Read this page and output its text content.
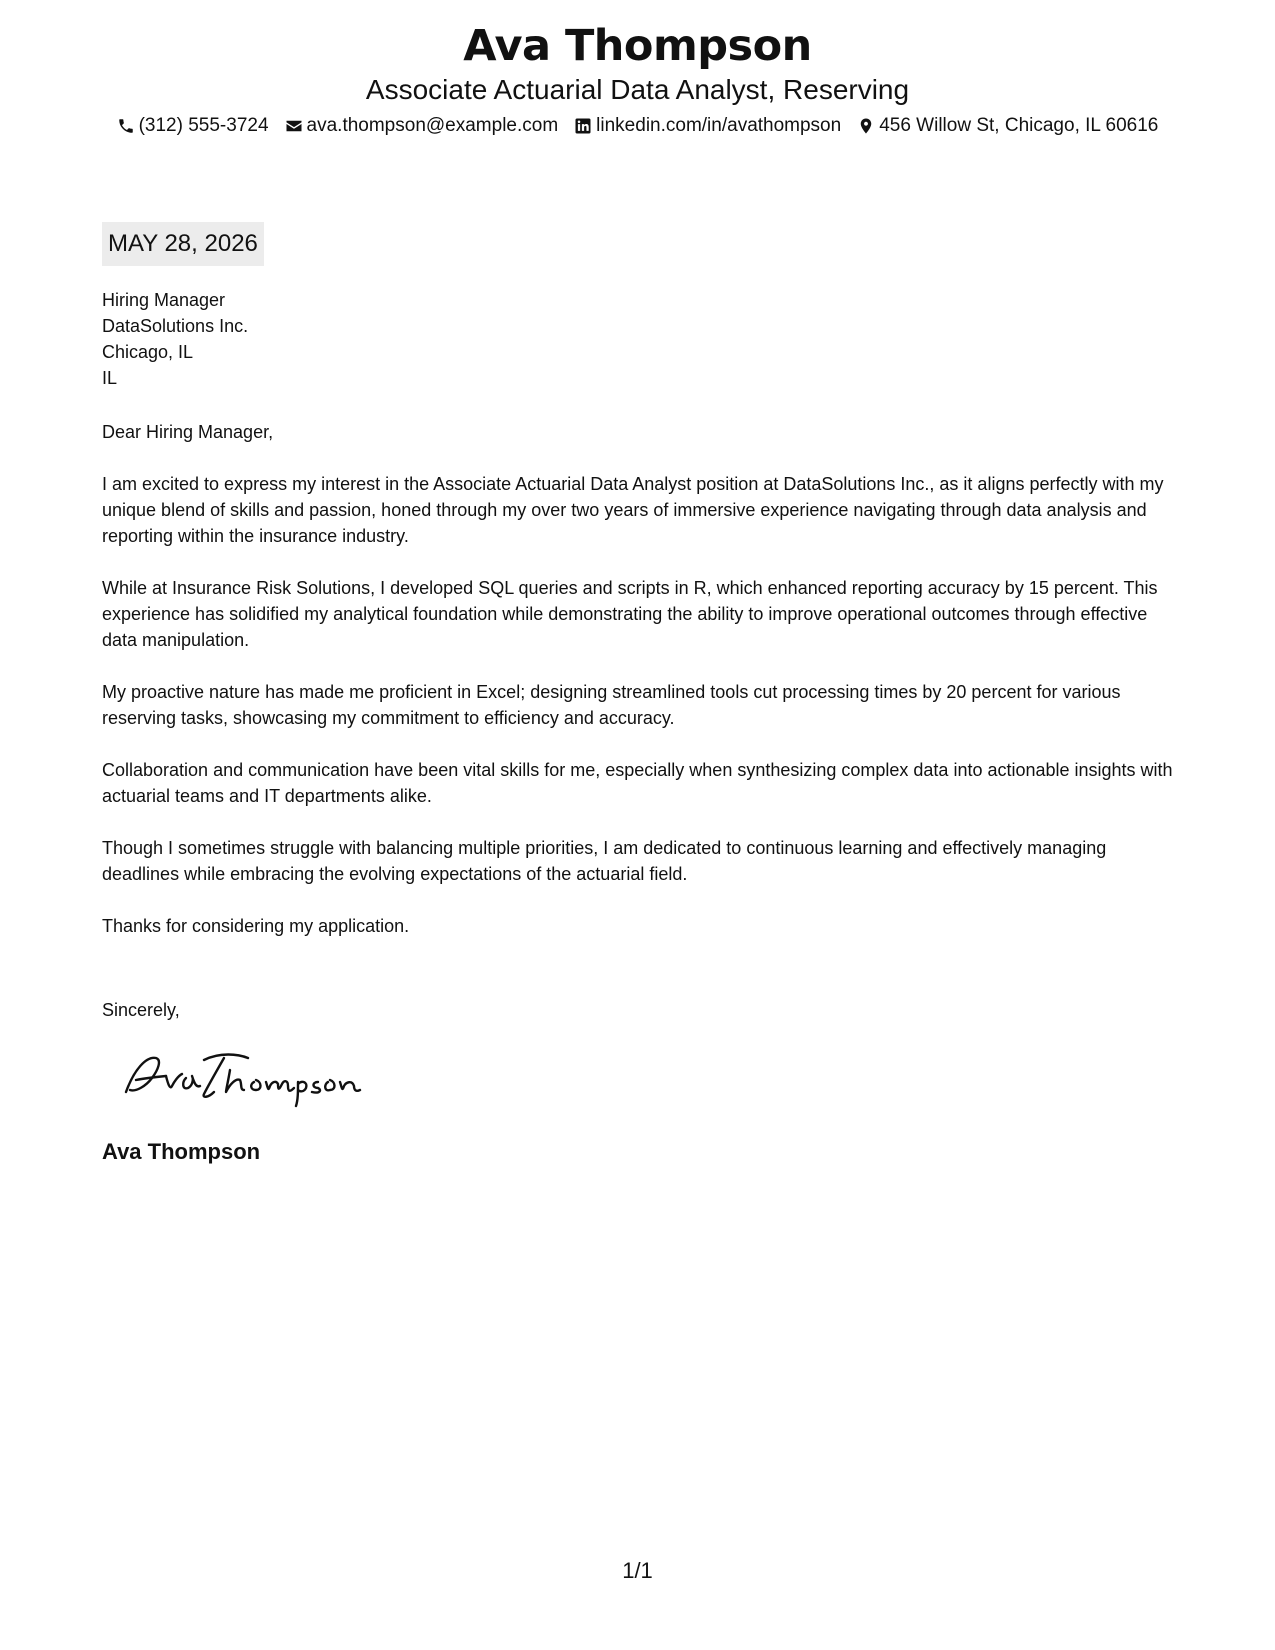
Ava Thompson
Associate Actuarial Data Analyst, Reserving
(312) 555-3724 ava.thompson@example.com linkedin.com/in/avathompson 456 Willow St, Chicago, IL 60616
MAY 28, 2026
Hiring Manager
DataSolutions Inc.
Chicago, IL
IL

Dear Hiring Manager,

I am excited to express my interest in the Associate Actuarial Data Analyst position at DataSolutions Inc., as it aligns perfectly with my unique blend of skills and passion, honed through my over two years of immersive experience navigating through data analysis and reporting within the insurance industry.

While at Insurance Risk Solutions, I developed SQL queries and scripts in R, which enhanced reporting accuracy by 15 percent. This experience has solidified my analytical foundation while demonstrating the ability to improve operational outcomes through effective data manipulation.

My proactive nature has made me proficient in Excel; designing streamlined tools cut processing times by 20 percent for various reserving tasks, showcasing my commitment to efficiency and accuracy.

Collaboration and communication have been vital skills for me, especially when synthesizing complex data into actionable insights with actuarial teams and IT departments alike.

Though I sometimes struggle with balancing multiple priorities, I am dedicated to continuous learning and effectively managing deadlines while embracing the evolving expectations of the actuarial field.

Thanks for considering my application.

Sincerely,
Ava Thompson
1/1
